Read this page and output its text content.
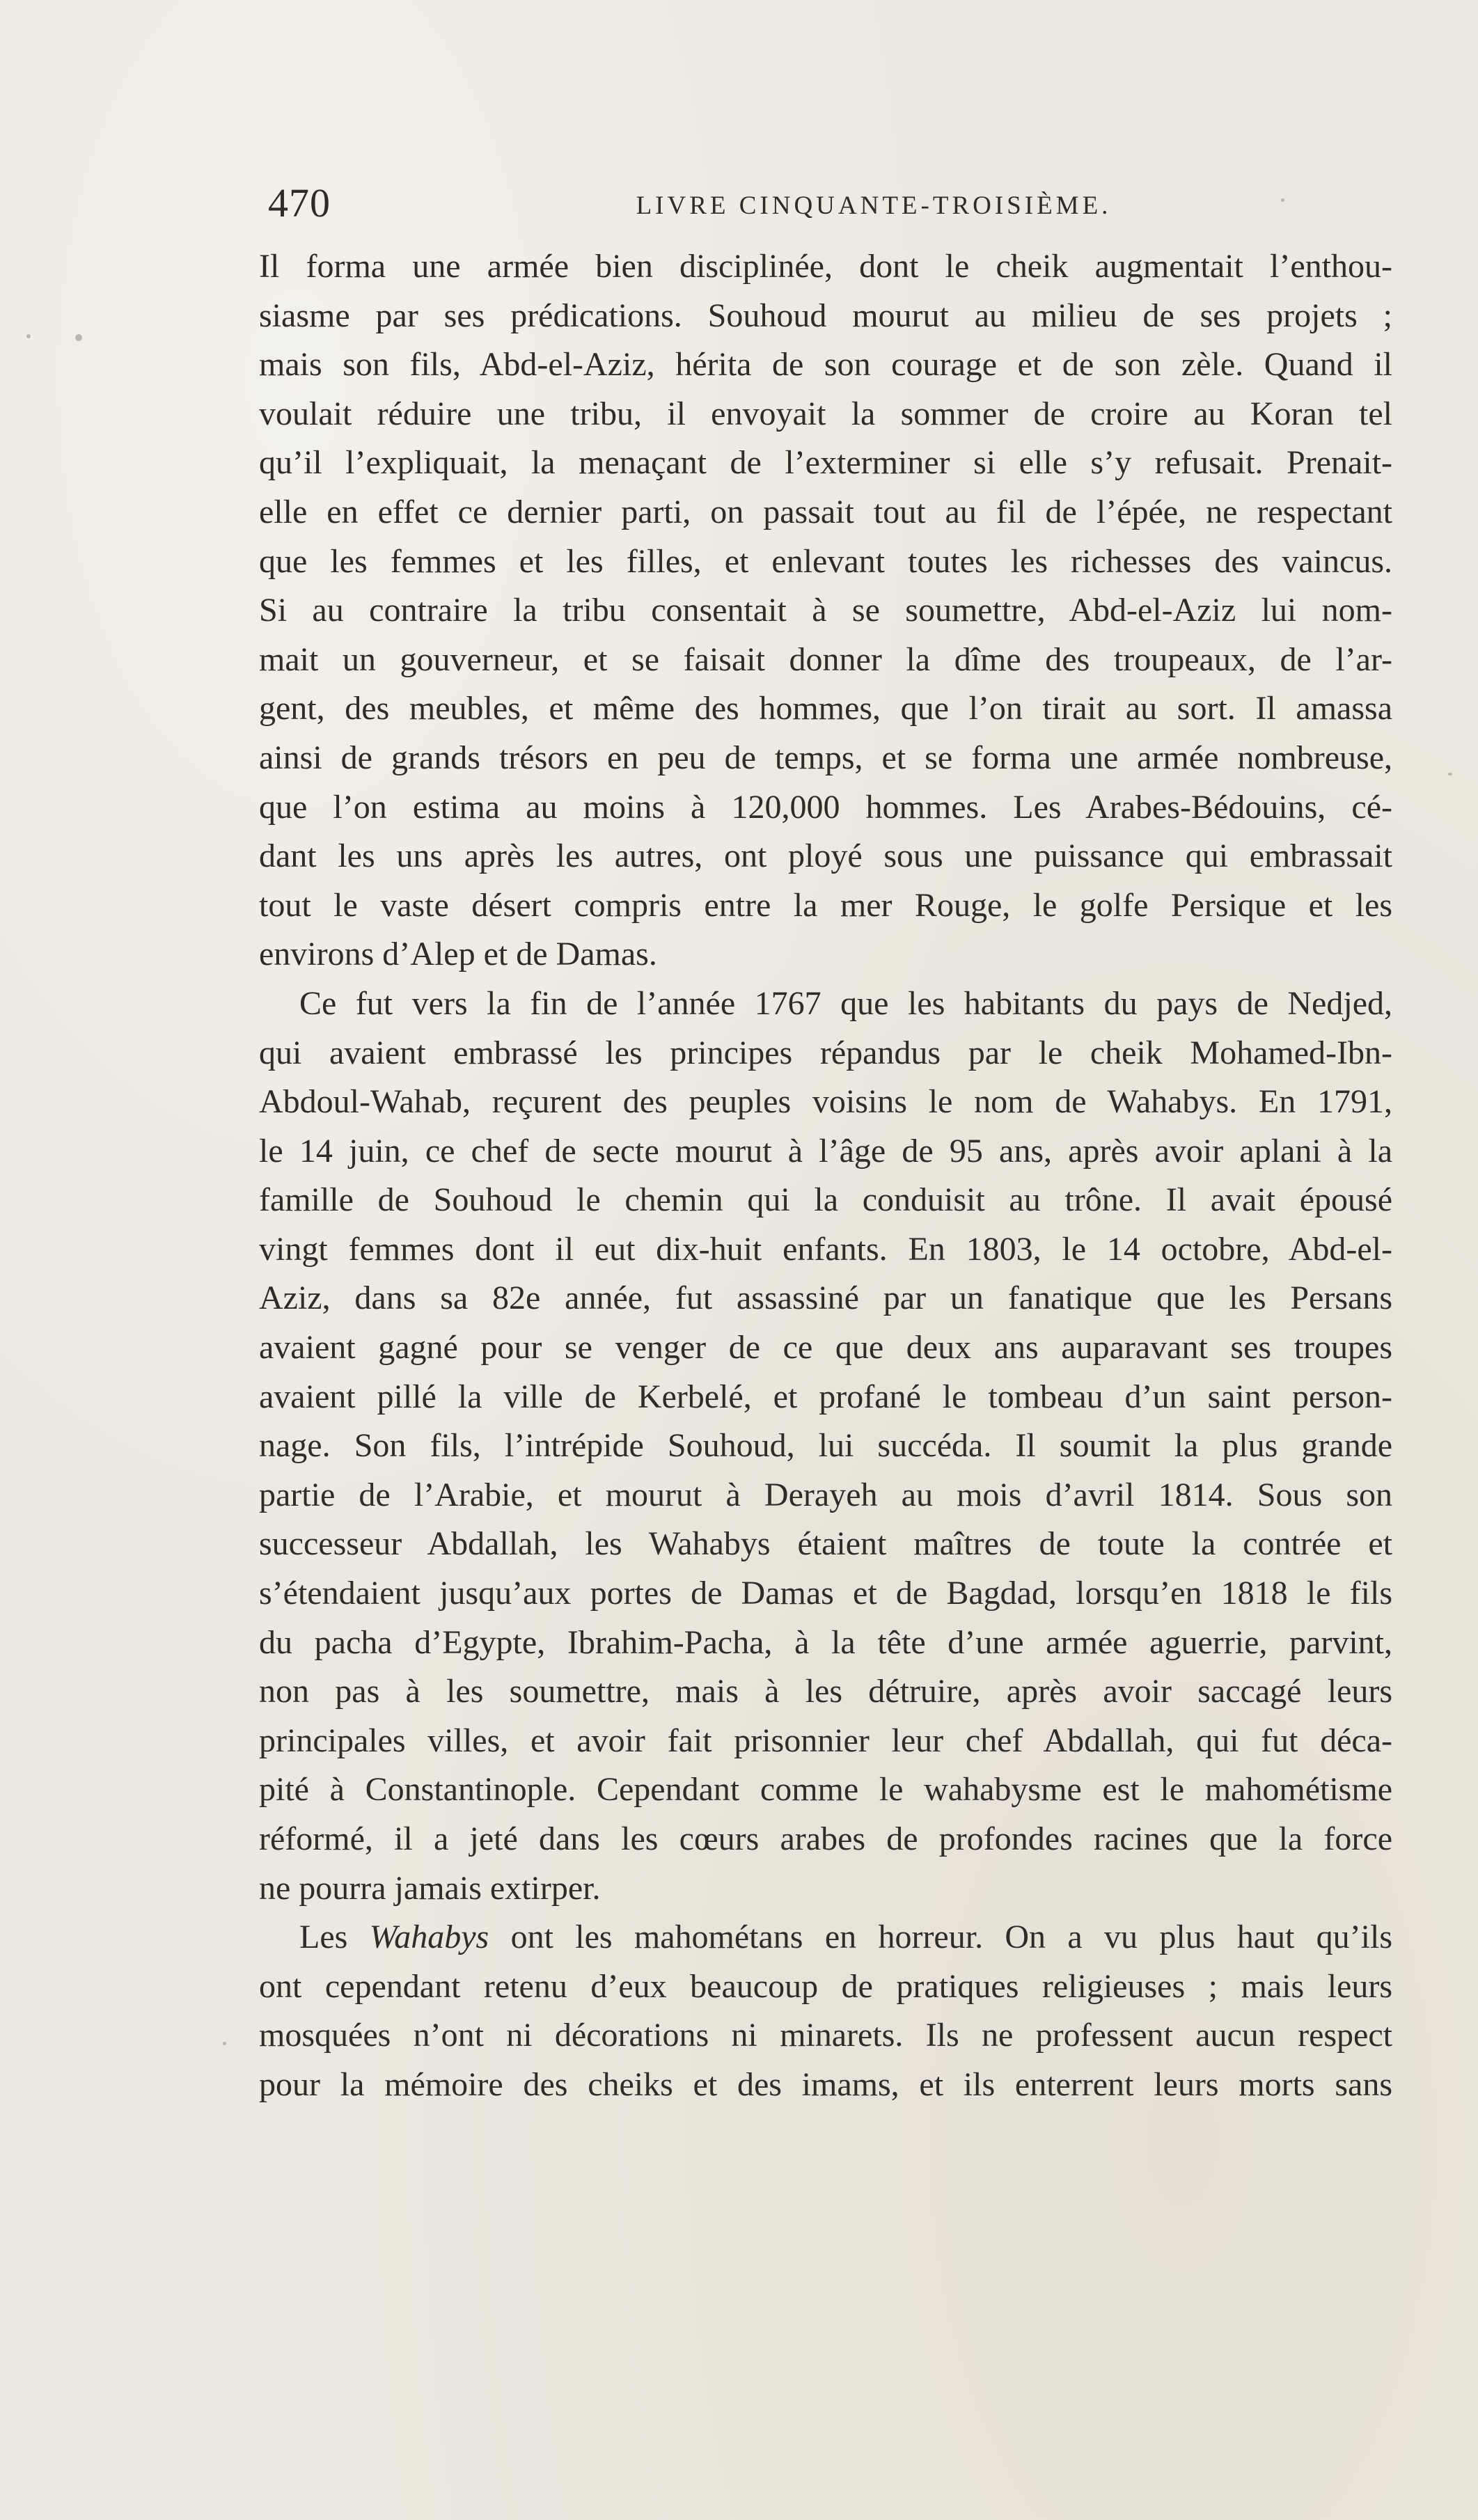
470	LIVRE CINQUANTE-TROISIÈME.
Il forma une armée bien disciplinée, dont le cheik augmentait l’enthou-
siasme par ses prédications. Souhoud mourut au milieu de ses projets ;
mais son fils, Abd-el-Aziz, hérita de son courage et de son zèle. Quand il
voulait réduire une tribu, il envoyait la sommer de croire au Koran tel
qu’il l’expliquait, la menaçant de l’exterminer si elle s’y refusait. Prenait-
elle en effet ce dernier parti, on passait tout au fil de l’épée, ne respectant
que les femmes et les filles, et enlevant toutes les richesses des vaincus.
Si au contraire la tribu consentait à se soumettre, Abd-el-Aziz lui nom-
mait un gouverneur, et se faisait donner la dîme des troupeaux, de l’ar-
gent, des meubles, et même des hommes, que l’on tirait au sort. Il amassa
ainsi de grands trésors en peu de temps, et se forma une armée nombreuse,
que l’on estima au moins à 120,000 hommes. Les Arabes-Bédouins, cé-
dant les uns après les autres, ont ployé sous une puissance qui embrassait
tout le vaste désert compris entre la mer Rouge, le golfe Persique et les
environs d’Alep et de Damas.
Ce fut vers la fin de l’année 1767 que les habitants du pays de Nedjed,
qui avaient embrassé les principes répandus par le cheik Mohamed-Ibn-
Abdoul-Wahab, reçurent des peuples voisins le nom de Wahabys. En 1791,
le 14 juin, ce chef de secte mourut à l’âge de 95 ans, après avoir aplani à la
famille de Souhoud le chemin qui la conduisit au trône. Il avait épousé
vingt femmes dont il eut dix-huit enfants. En 1803, le 14 octobre, Abd-el-
Aziz, dans sa 82e année, fut assassiné par un fanatique que les Persans
avaient gagné pour se venger de ce que deux ans auparavant ses troupes
avaient pillé la ville de Kerbelé, et profané le tombeau d’un saint person-
nage. Son fils, l’intrépide Souhoud, lui succéda. Il soumit la plus grande
partie de l’Arabie, et mourut à Derayeh au mois d’avril 1814. Sous son
successeur Abdallah, les Wahabys étaient maîtres de toute la contrée et
s’étendaient jusqu’aux portes de Damas et de Bagdad, lorsqu’en 1818 le fils
du pacha d’Egypte, Ibrahim-Pacha, à la tête d’une armée aguerrie, parvint,
non pas à les soumettre, mais à les détruire, après avoir saccagé leurs
principales villes, et avoir fait prisonnier leur chef Abdallah, qui fut déca-
pité à Constantinople. Cependant comme le wahabysme est le mahométisme
réformé, il a jeté dans les cœurs arabes de profondes racines que la force
ne pourra jamais extirper.
Les Wahabys ont les mahométans en horreur. On a vu plus haut qu’ils
ont cependant retenu d’eux beaucoup de pratiques religieuses ; mais leurs
mosquées n’ont ni décorations ni minarets. Ils ne professent aucun respect
pour la mémoire des cheiks et des imams, et ils enterrent leurs morts sans
